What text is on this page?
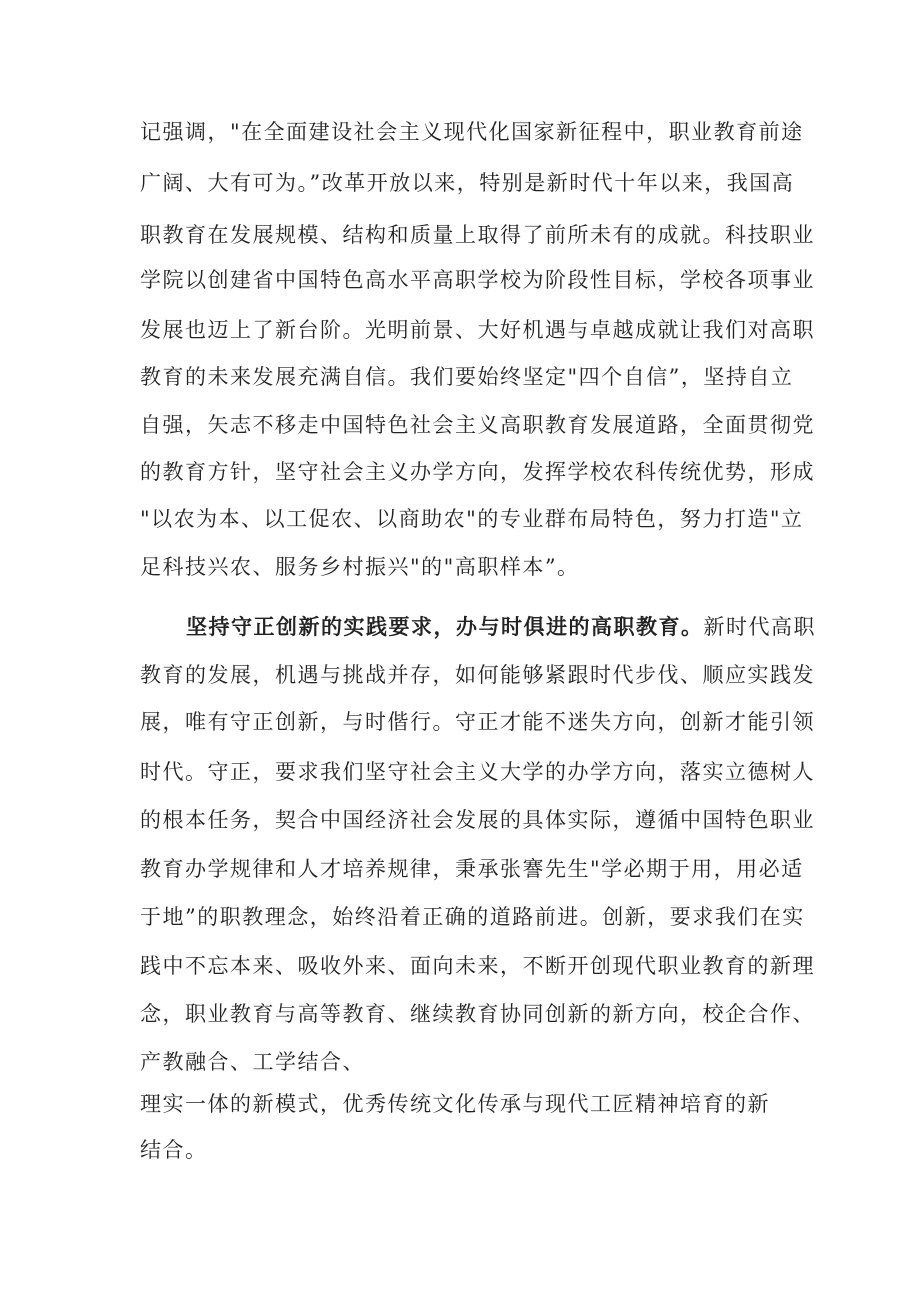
记强调，"在全面建设社会主义现代化国家新征程中，职业教育前途
广阔、大有可为。”改革开放以来，特别是新时代十年以来，我国高
职教育在发展规模、结构和质量上取得了前所未有的成就。科技职业
学院以创建省中国特色高水平高职学校为阶段性目标，学校各项事业
发展也迈上了新台阶。光明前景、大好机遇与卓越成就让我们对高职
教育的未来发展充满自信。我们要始终坚定"四个自信”，坚持自立
自强，矢志不移走中国特色社会主义高职教育发展道路，全面贯彻党
的教育方针，坚守社会主义办学方向，发挥学校农科传统优势，形成
"以农为本、以工促农、以商助农"的专业群布局特色，努力打造"立
足科技兴农、服务乡村振兴"的"高职样本”。
坚持守正创新的实践要求，办与时俱进的高职教育。新时代高职
教育的发展，机遇与挑战并存，如何能够紧跟时代步伐、顺应实践发
展，唯有守正创新，与时偕行。守正才能不迷失方向，创新才能引领
时代。守正，要求我们坚守社会主义大学的办学方向，落实立德树人
的根本任务，契合中国经济社会发展的具体实际，遵循中国特色职业
教育办学规律和人才培养规律，秉承张謇先生"学必期于用，用必适
于地”的职教理念，始终沿着正确的道路前进。创新，要求我们在实
践中不忘本来、吸收外来、面向未来，不断开创现代职业教育的新理
念，职业教育与高等教育、继续教育协同创新的新方向，校企合作、
产教融合、工学结合、
理实一体的新模式，优秀传统文化传承与现代工匠精神培育的新
结合。
